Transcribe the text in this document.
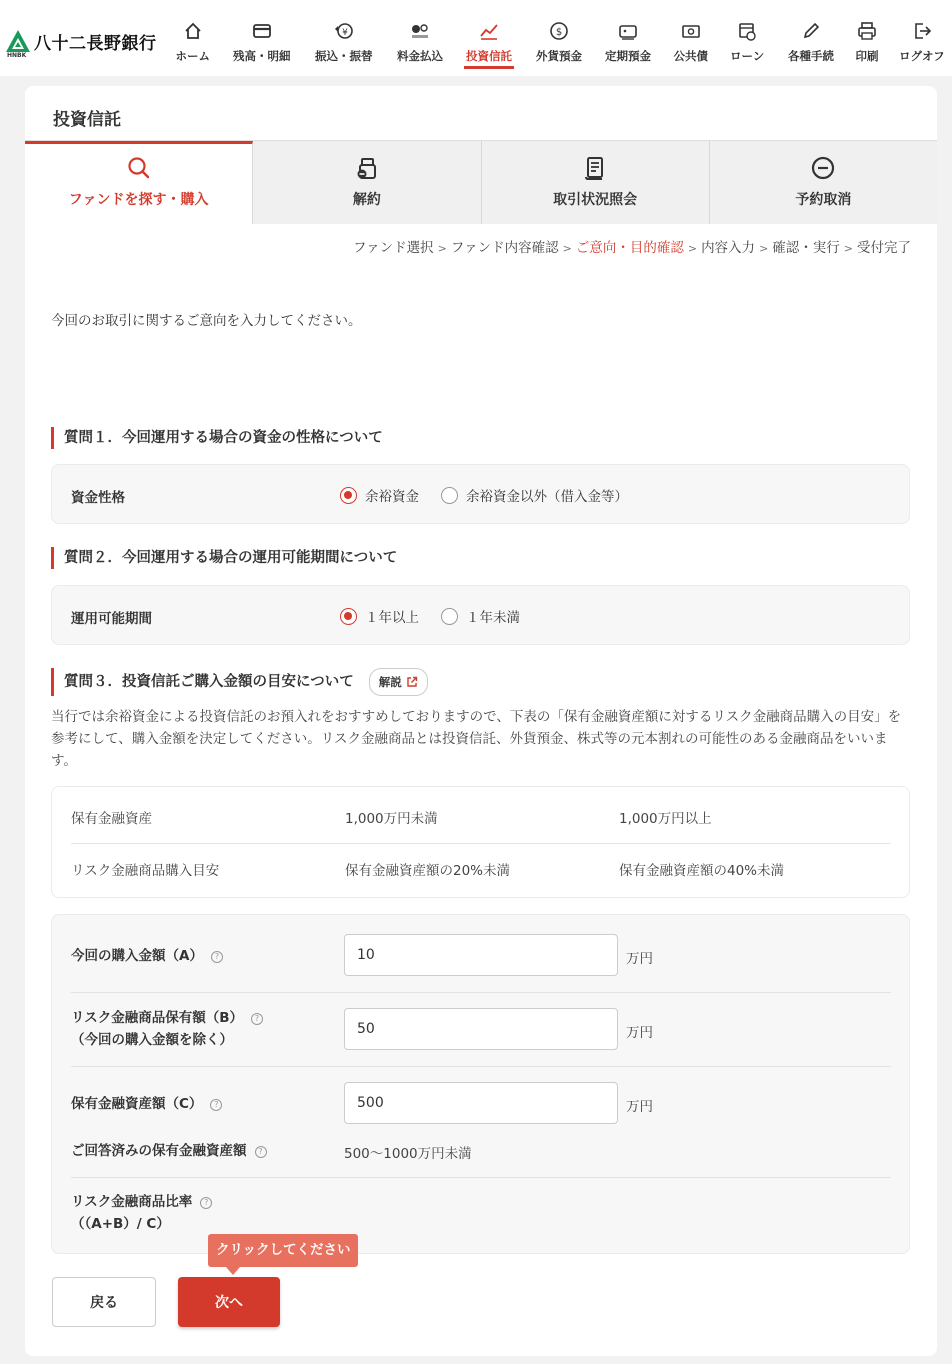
八十二長野銀行
HNBK	ホーム 残高・明細
¥
振込・振替 料金払込 投資信託
$
外貨預金 定期預金 公共債 ローン 各種手続 印刷 ログオフ
投資信託
ファンドを探す・購入	解約	取引状況照会	予約取消
ファンド選択 > ファンド内容確認 > ご意向・目的確認 > 内容入力 > 確認・実行 > 受付完了
今回のお取引に関するご意向を入力してください。
質問１．今回運用する場合の資金の性格について
資金性格	余裕資金	余裕資金以外（借入金等）
質問２．今回運用する場合の運用可能期間について
運用可能期間	１年以上	１年未満
質問３．投資信託ご購入金額の目安について 解説
当行では余裕資金による投資信託のお預入れをおすすめしておりますので、下表の「保有金融資産額に対するリスク金融商品購入の目安」を参考にして、購入金額を決定してください。リスク金融商品とは投資信託、外貨預金、株式等の元本割れの可能性のある金融商品をいいます。
保有金融資産	1,000万円未満	1,000万円以上
リスク金融商品購入目安	保有金融資産額の20%未満	保有金融資産額の40%未満
今回の購入金額（A） ?
10	万円
リスク金融商品保有額（B） ?
（今回の購入金額を除く）
50	万円
保有金融資産額（C） ?
500	万円
ご回答済みの保有金融資産額 ?	500～1000万円未満
リスク金融商品比率 ?
（（A+B）/ C）
クリックしてください
戻る	次へ
